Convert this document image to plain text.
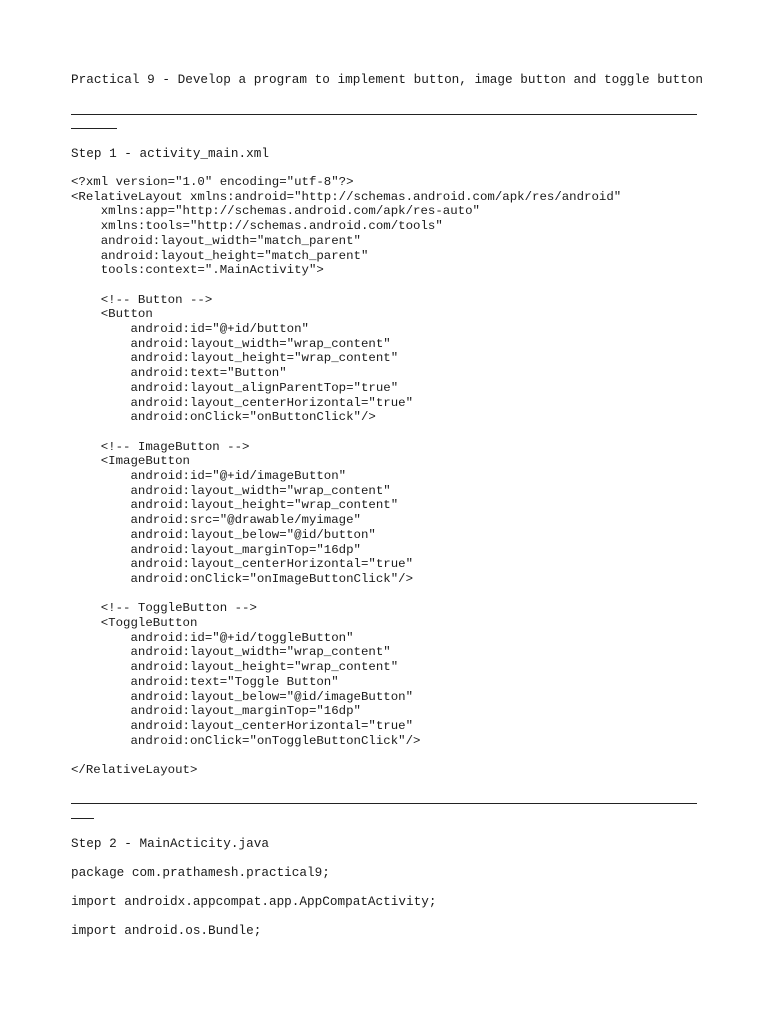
Practical 9 - Develop a program to implement button, image button and toggle button
Step 1 - activity_main.xml
<?xml version="1.0" encoding="utf-8"?>
<RelativeLayout xmlns:android="http://schemas.android.com/apk/res/android"
xmlns:app="http://schemas.android.com/apk/res-auto"
xmlns:tools="http://schemas.android.com/tools"
android:layout_width="match_parent"
android:layout_height="match_parent"
tools:context=".MainActivity">
<!-- Button -->
<Button
android:id="@+id/button"
android:layout_width="wrap_content"
android:layout_height="wrap_content"
android:text="Button"
android:layout_alignParentTop="true"
android:layout_centerHorizontal="true"
android:onClick="onButtonClick"/>
<!-- ImageButton -->
<ImageButton
android:id="@+id/imageButton"
android:layout_width="wrap_content"
android:layout_height="wrap_content"
android:src="@drawable/myimage"
android:layout_below="@id/button"
android:layout_marginTop="16dp"
android:layout_centerHorizontal="true"
android:onClick="onImageButtonClick"/>
<!-- ToggleButton -->
<ToggleButton
android:id="@+id/toggleButton"
android:layout_width="wrap_content"
android:layout_height="wrap_content"
android:text="Toggle Button"
android:layout_below="@id/imageButton"
android:layout_marginTop="16dp"
android:layout_centerHorizontal="true"
android:onClick="onToggleButtonClick"/>
</RelativeLayout>
Step 2 - MainActicity.java
package com.prathamesh.practical9;
import androidx.appcompat.app.AppCompatActivity;
import android.os.Bundle;
